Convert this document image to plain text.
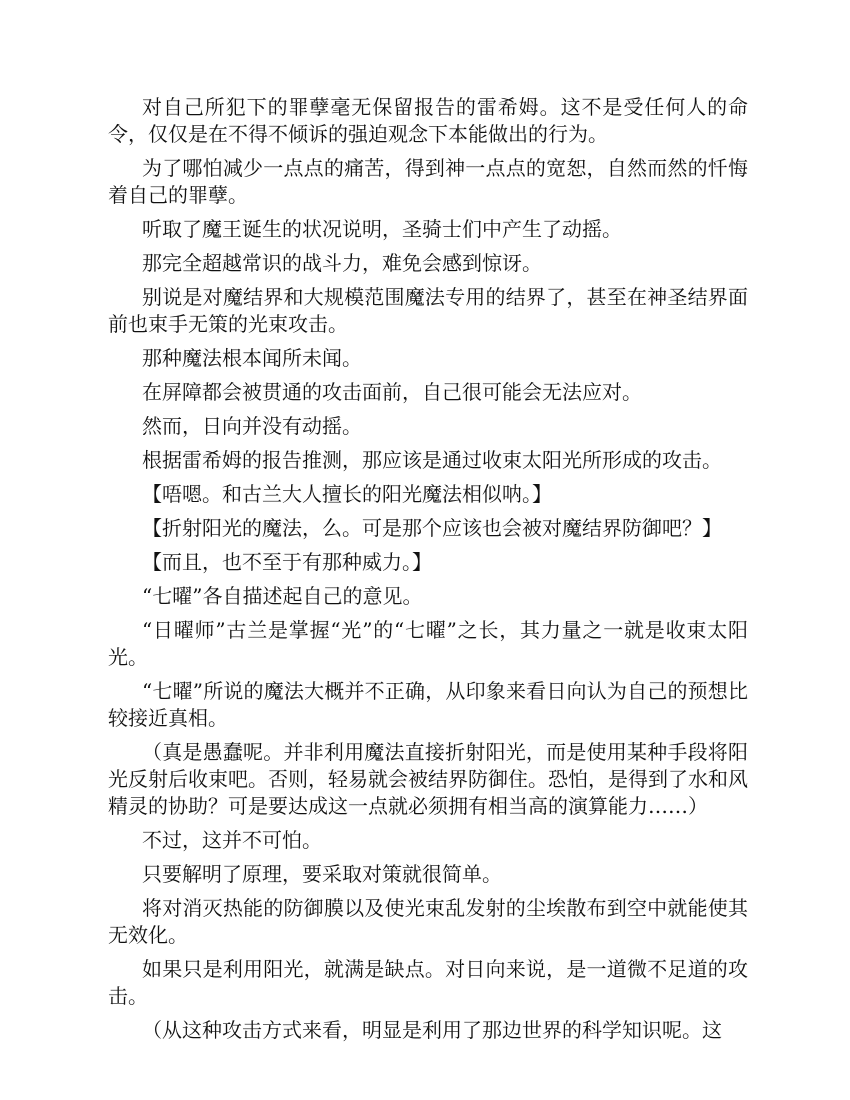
对自己所犯下的罪孽毫无保留报告的雷希姆。这不是受任何人的命令，仅仅是在不得不倾诉的强迫观念下本能做出的行为。

为了哪怕减少一点点的痛苦，得到神一点点的宽恕，自然而然的忏悔着自己的罪孽。

听取了魔王诞生的状况说明，圣骑士们中产生了动摇。

那完全超越常识的战斗力，难免会感到惊讶。

别说是对魔结界和大规模范围魔法专用的结界了，甚至在神圣结界面前也束手无策的光束攻击。

那种魔法根本闻所未闻。

在屏障都会被贯通的攻击面前，自己很可能会无法应对。

然而，日向并没有动摇。

根据雷希姆的报告推测，那应该是通过收束太阳光所形成的攻击。

【唔嗯。和古兰大人擅长的阳光魔法相似呐。】

【折射阳光的魔法，么。可是那个应该也会被对魔结界防御吧？】

【而且，也不至于有那种威力。】

“七曜”各自描述起自己的意见。

“日曜师”古兰是掌握“光”的“七曜”之长，其力量之一就是收束太阳光。

“七曜”所说的魔法大概并不正确，从印象来看日向认为自己的预想比较接近真相。

（真是愚蠢呢。并非利用魔法直接折射阳光，而是使用某种手段将阳光反射后收束吧。否则，轻易就会被结界防御住。恐怕，是得到了水和风精灵的协助？可是要达成这一点就必须拥有相当高的演算能力……）

不过，这并不可怕。

只要解明了原理，要采取对策就很简单。

将对消灭热能的防御膜以及使光束乱发射的尘埃散布到空中就能使其无效化。

如果只是利用阳光，就满是缺点。对日向来说，是一道微不足道的攻击。

（从这种攻击方式来看，明显是利用了那边世界的科学知识呢。这
